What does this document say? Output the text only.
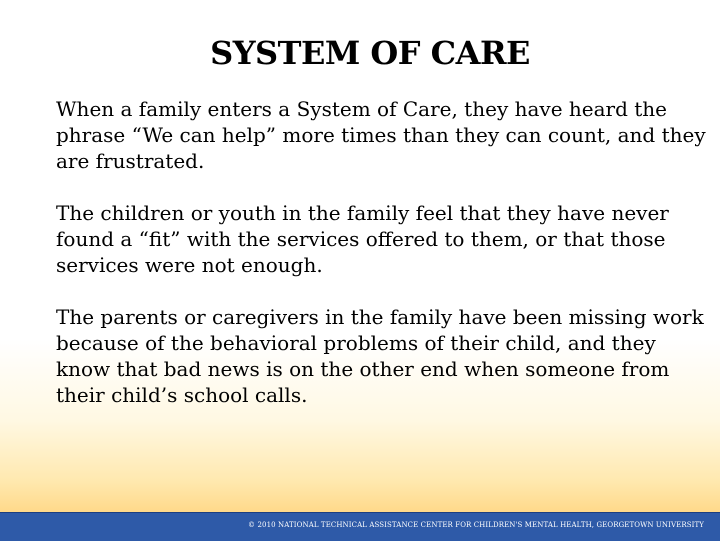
SYSTEM OF CARE

When a family enters a System of Care, they have heard the phrase “We can help” more times than they can count, and they are frustrated.

The children or youth in the family feel that they have never found a “fit” with the services offered to them, or that those services were not enough.

The parents or caregivers in the family have been missing work because of the behavioral problems of their child, and they know that bad news is on the other end when someone from their child’s school calls.

© 2010 NATIONAL TECHNICAL ASSISTANCE CENTER FOR CHILDREN'S MENTAL HEALTH, GEORGETOWN UNIVERSITY
